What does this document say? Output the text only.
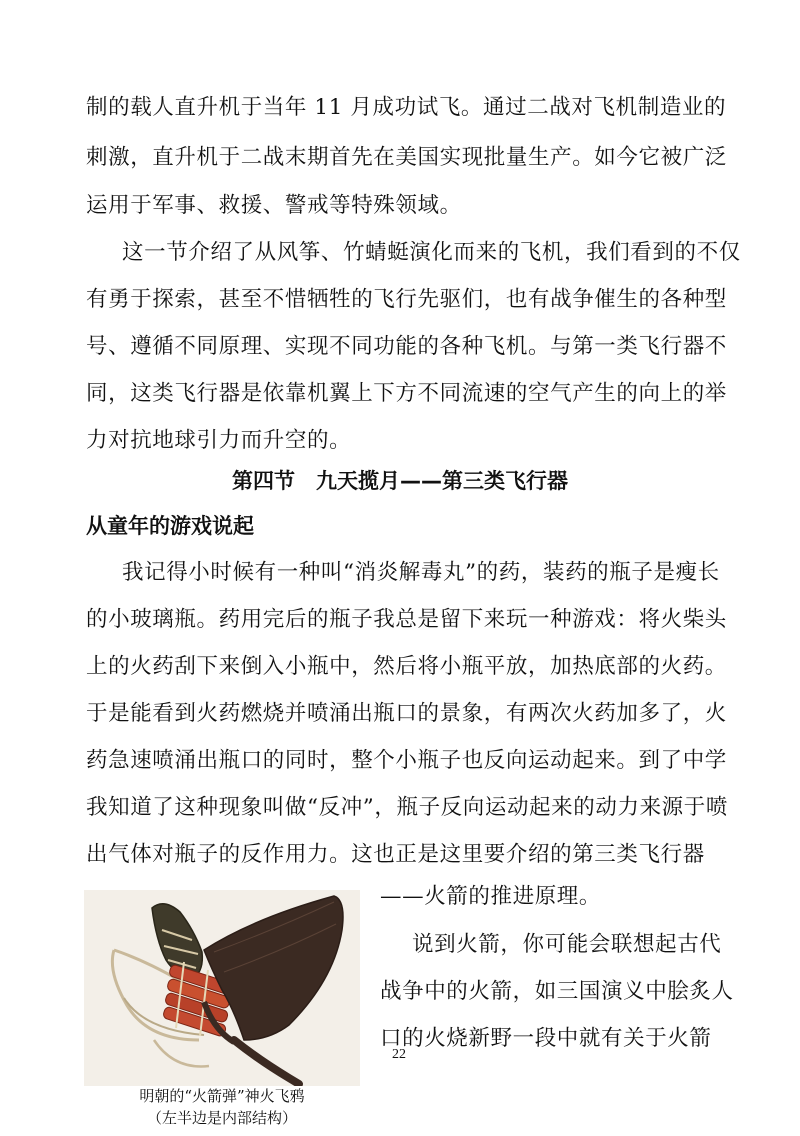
制的载人直升机于当年 11 月成功试飞。通过二战对飞机制造业的
刺激，直升机于二战末期首先在美国实现批量生产。如今它被广泛
运用于军事、救援、警戒等特殊领域。
这一节介绍了从风筝、竹蜻蜓演化而来的飞机，我们看到的不仅
有勇于探索，甚至不惜牺牲的飞行先驱们，也有战争催生的各种型
号、遵循不同原理、实现不同功能的各种飞机。与第一类飞行器不
同，这类飞行器是依靠机翼上下方不同流速的空气产生的向上的举
力对抗地球引力而升空的。
第四节　九天揽月——第三类飞行器
从童年的游戏说起
我记得小时候有一种叫“消炎解毒丸”的药，装药的瓶子是瘦长
的小玻璃瓶。药用完后的瓶子我总是留下来玩一种游戏：将火柴头
上的火药刮下来倒入小瓶中，然后将小瓶平放，加热底部的火药。
于是能看到火药燃烧并喷涌出瓶口的景象，有两次火药加多了，火
药急速喷涌出瓶口的同时，整个小瓶子也反向运动起来。到了中学
我知道了这种现象叫做“反冲”，瓶子反向运动起来的动力来源于喷
出气体对瓶子的反作用力。这也正是这里要介绍的第三类飞行器
——火箭的推进原理。
说到火箭，你可能会联想起古代
战争中的火箭，如三国演义中脍炙人
口的火烧新野一段中就有关于火箭
明朝的“火箭弹”神火飞鸦
（左半边是内部结构）
22
